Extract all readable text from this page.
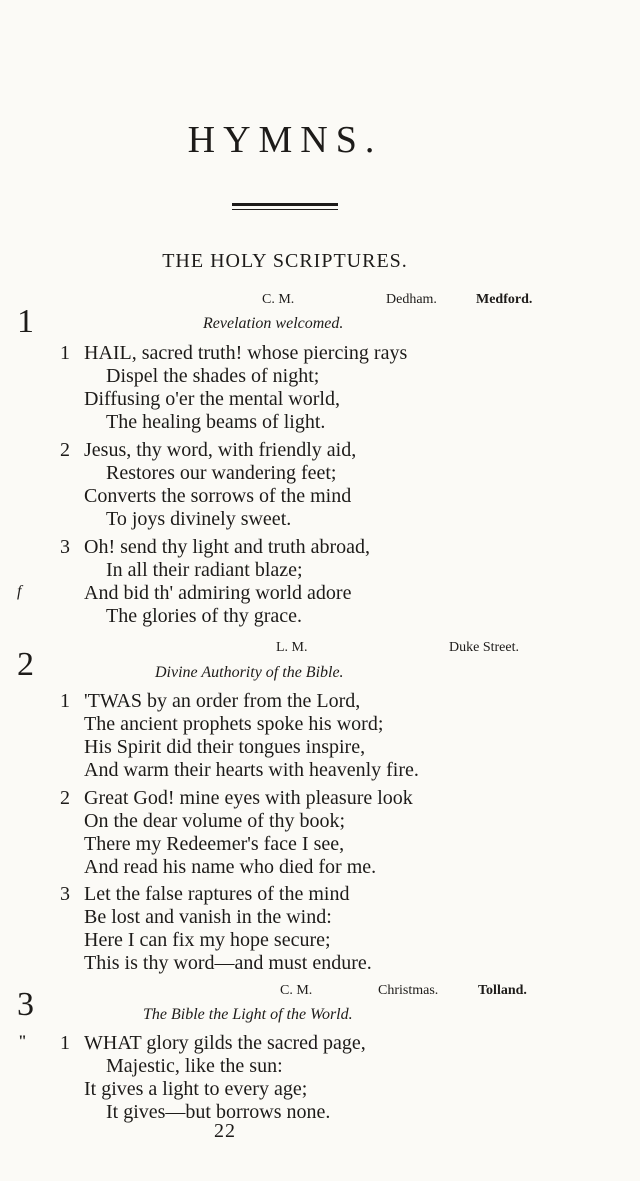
HYMNS.
THE HOLY SCRIPTURES.
1
C. M.	Dedham.	Medford.
Revelation welcomed.
1 HAIL, sacred truth! whose piercing rays
Dispel the shades of night;
Diffusing o'er the mental world,
The healing beams of light.
2 Jesus, thy word, with friendly aid,
Restores our wandering feet;
Converts the sorrows of the mind
To joys divinely sweet.
3 Oh! send thy light and truth abroad,
In all their radiant blaze;
f	And bid th' admiring world adore
The glories of thy grace.
2	L. M.	Duke Street.
Divine Authority of the Bible.
1 'TWAS by an order from the Lord,
The ancient prophets spoke his word;
His Spirit did their tongues inspire,
And warm their hearts with heavenly fire.
2 Great God! mine eyes with pleasure look
On the dear volume of thy book;
There my Redeemer's face I see,
And read his name who died for me.
3 Let the false raptures of the mind
Be lost and vanish in the wind:
Here I can fix my hope secure;
This is thy word—and must endure.
3	C. M.	Christmas.	Tolland.
The Bible the Light of the World.
" 1 WHAT glory gilds the sacred page,
Majestic, like the sun:
It gives a light to every age;
It gives—but borrows none.
22
